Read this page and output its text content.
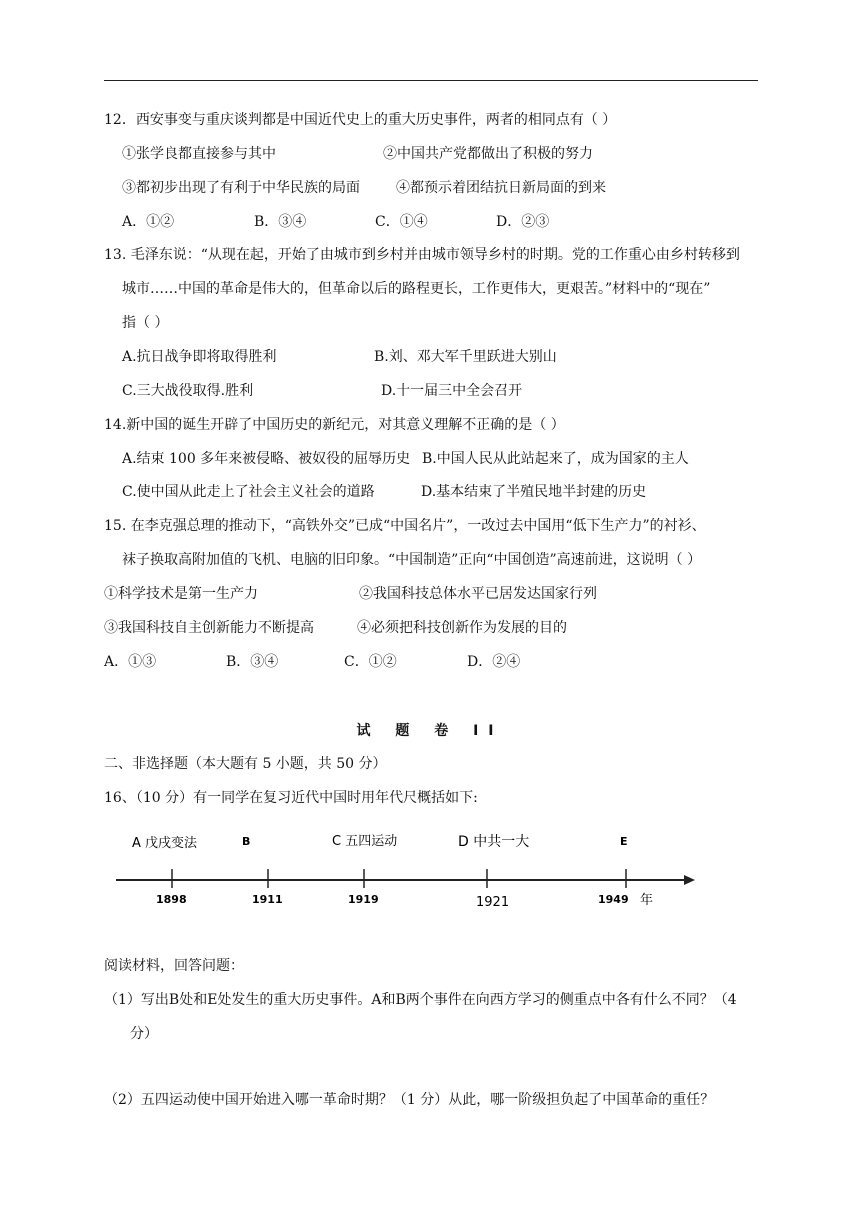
12．西安事变与重庆谈判都是中国近代史上的重大历史事件，两者的相同点有（ ）
①张学良都直接参与其中	②中国共产党都做出了积极的努力
③都初步出现了有利于中华民族的局面	④都预示着团结抗日新局面的到来
A．①②	B．③④	C．①④	D．②③
13. 毛泽东说：“从现在起，开始了由城市到乡村并由城市领导乡村的时期。党的工作重心由乡村转移到
城市……中国的革命是伟大的，但革命以后的路程更长，工作更伟大，更艰苦。”材料中的“现在”
指（ ）
A.抗日战争即将取得胜利	B.刘、邓大军千里跃进大别山
C.三大战役取得.胜利	D.十一届三中全会召开
14.新中国的诞生开辟了中国历史的新纪元，对其意义理解不正确的是（ ）
A.结束 100 多年来被侵略、被奴役的屈辱历史 B.中国人民从此站起来了，成为国家的主人
C.使中国从此走上了社会主义社会的道路	D.基本结束了半殖民地半封建的历史
15. 在李克强总理的推动下，“高铁外交”已成“中国名片”，一改过去中国用“低下生产力”的衬衫、
袜子换取高附加值的飞机、电脑的旧印象。“中国制造”正向“中国创造”高速前进，这说明（ ）
①科学技术是第一生产力	②我国科技总体水平已居发达国家行列
③我国科技自主创新能力不断提高	④必须把科技创新作为发展的目的
A．①③	B．③④	C．①②	D．②④
试 题 卷 II
二、非选择题（本大题有 5 小题，共 50 分）
16、（10 分）有一同学在复习近代中国时用年代尺概括如下:
A 戊戌变法	B	C 五四运动	D 中共一大	E
1898	1911	1919	1921	1949 年
阅读材料，回答问题：
（1）写出B处和E处发生的重大历史事件。A和B两个事件在向西方学习的侧重点中各有什么不同？（4
分）
（2）五四运动使中国开始进入哪一革命时期？（1 分）从此，哪一阶级担负起了中国革命的重任？
